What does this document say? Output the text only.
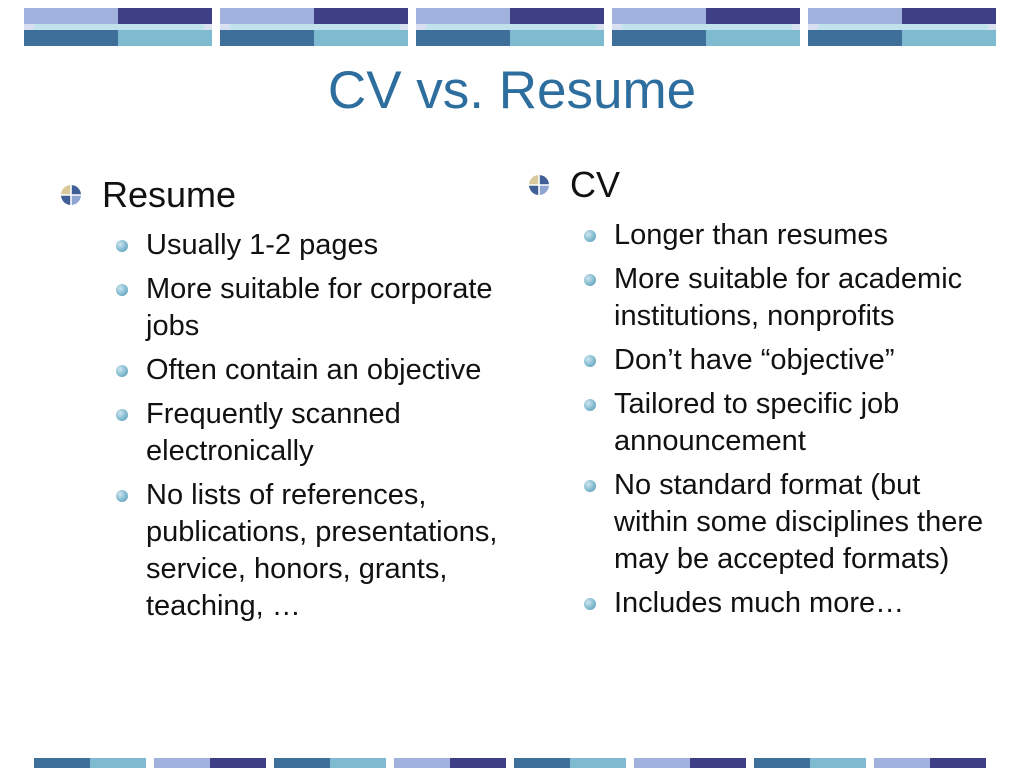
CV vs. Resume
Resume
Usually 1-2 pages
More suitable for corporate jobs
Often contain an objective
Frequently scanned electronically
No lists of references, publications, presentations, service, honors, grants, teaching, …
CV
Longer than resumes
More suitable for academic institutions, nonprofits
Don’t have “objective”
Tailored to specific job announcement
No standard format (but within some disciplines there may be accepted formats)
Includes much more…
